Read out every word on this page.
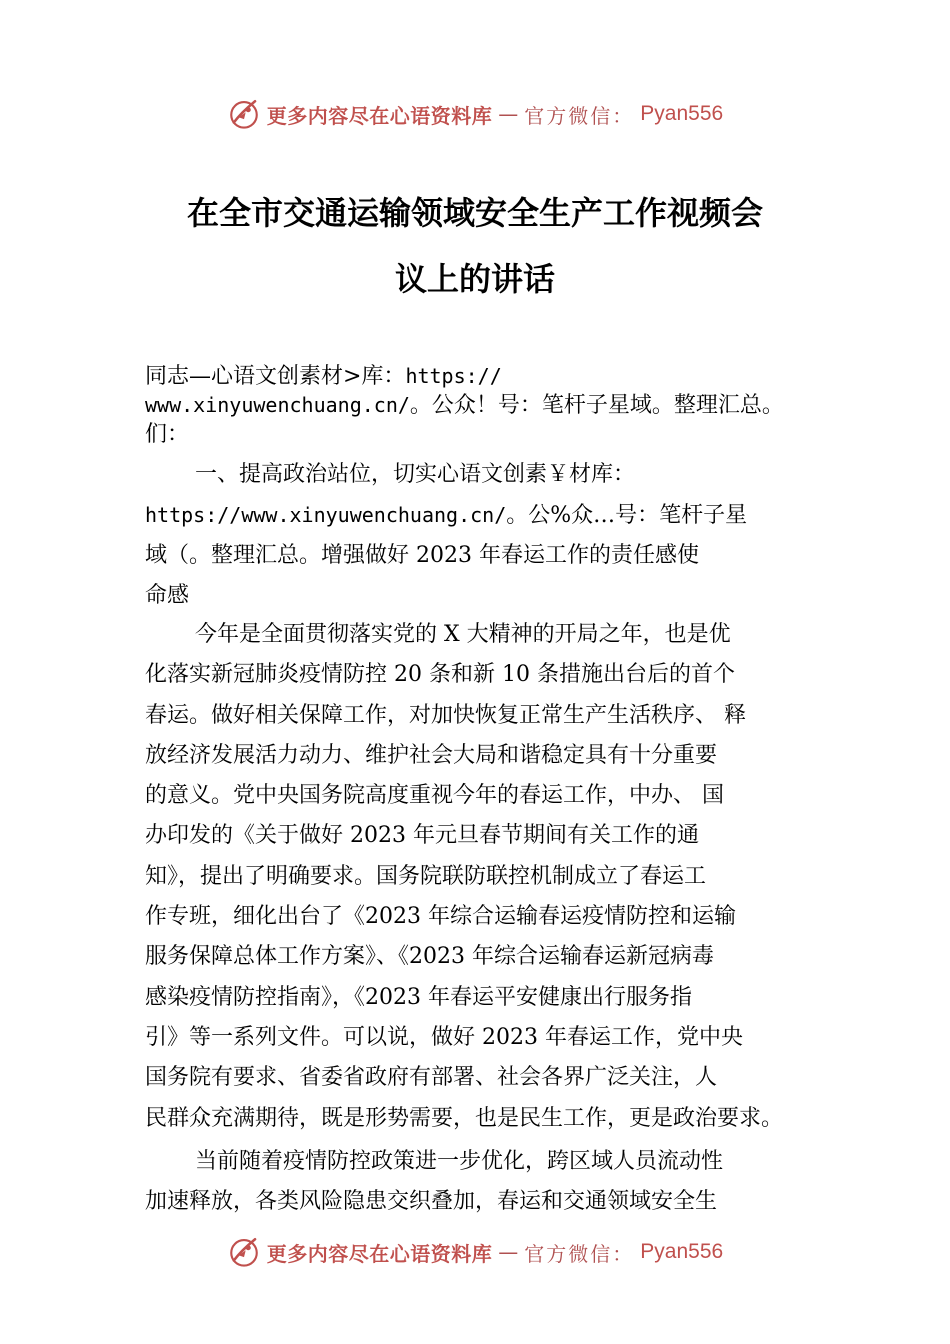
更多内容尽在心语资料库 — 官方微信： Pyan556
在全市交通运输领域安全生产工作视频会
议上的讲话
同志—心语文创素材>库：https://
www.xinyuwenchuang.cn/。公众！号：笔杆子星域。整理汇总。
们：
一、提高政治站位，切实心语文创素￥材库：
https://www.xinyuwenchuang.cn/。公%众…号：笔杆子星
域（。整理汇总。增强做好 2023 年春运工作的责任感使
命感
今年是全面贯彻落实党的 X 大精神的开局之年，也是优
化落实新冠肺炎疫情防控 20 条和新 10 条措施出台后的首个
春运。做好相关保障工作，对加快恢复正常生产生活秩序、 释
放经济发展活力动力、维护社会大局和谐稳定具有十分重要
的意义。党中央国务院高度重视今年的春运工作，中办、 国
办印发的《关于做好 2023 年元旦春节期间有关工作的通
知》，提出了明确要求。国务院联防联控机制成立了春运工
作专班，细化出台了《2023 年综合运输春运疫情防控和运输
服务保障总体工作方案》、《2023 年综合运输春运新冠病毒
感染疫情防控指南》，《2023 年春运平安健康出行服务指
引》等一系列文件。可以说，做好 2023 年春运工作，党中央
国务院有要求、省委省政府有部署、社会各界广泛关注，人
民群众充满期待，既是形势需要，也是民生工作，更是政治要求。
当前随着疫情防控政策进一步优化，跨区域人员流动性
加速释放，各类风险隐患交织叠加，春运和交通领域安全生
更多内容尽在心语资料库 — 官方微信： Pyan556
